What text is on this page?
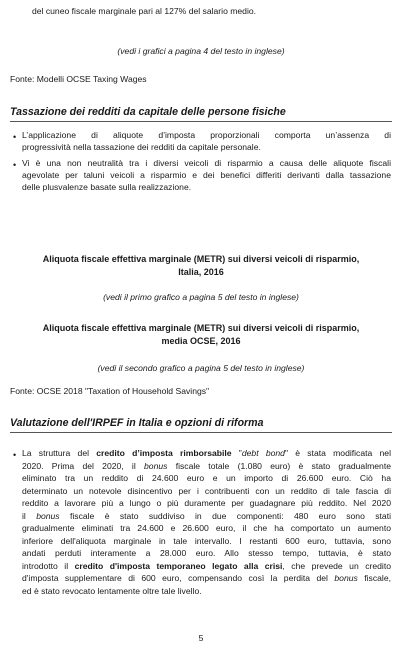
del cuneo fiscale marginale pari al 127% del salario medio.
(vedi i grafici a pagina 4 del testo in inglese)
Fonte: Modelli OCSE Taxing Wages
Tassazione dei redditi da capitale delle persone fisiche
• L’applicazione di aliquote d’imposta proporzionali comporta un’assenza di
progressività nella tassazione dei redditi da capitale personale.
• Vi è una non neutralità tra i diversi veicoli di risparmio a causa delle aliquote fiscali
agevolate per taluni veicoli a risparmio e dei benefici differiti derivanti dalla tassazione
delle plusvalenze basate sulla realizzazione.
Aliquota fiscale effettiva marginale (METR) sui diversi veicoli di risparmio,
Italia, 2016
(vedi il primo grafico a pagina 5 del testo in inglese)
Aliquota fiscale effettiva marginale (METR) sui diversi veicoli di risparmio,
media OCSE, 2016
(vedi il secondo grafico a pagina 5 del testo in inglese)
Fonte: OCSE 2018 "Taxation of Household Savings"
Valutazione dell'IRPEF in Italia e opzioni di riforma
• La struttura del credito d’imposta rimborsabile "debt bond" è stata modificata nel
2020. Prima del 2020, il bonus fiscale totale (1.080 euro) è stato gradualmente
eliminato tra un reddito di 24.600 euro e un importo di 26.600 euro. Ciò ha
determinato un notevole disincentivo per i contribuenti con un reddito di tale fascia di
reddito a lavorare più a lungo o più duramente per guadagnare più reddito. Nel 2020
il bonus fiscale è stato suddiviso in due componenti: 480 euro sono stati
gradualmente eliminati tra 24.600 e 26.600 euro, il che ha comportato un aumento
inferiore dell'aliquota marginale in tale intervallo. I restanti 600 euro, tuttavia, sono
andati perduti interamente a 28.000 euro. Allo stesso tempo, tuttavia, è stato
introdotto il credito d'imposta temporaneo legato alla crisi, che prevede un credito
d'imposta supplementare di 600 euro, compensando così la perdita del bonus fiscale,
ed è stato revocato lentamente oltre tale livello.
5
